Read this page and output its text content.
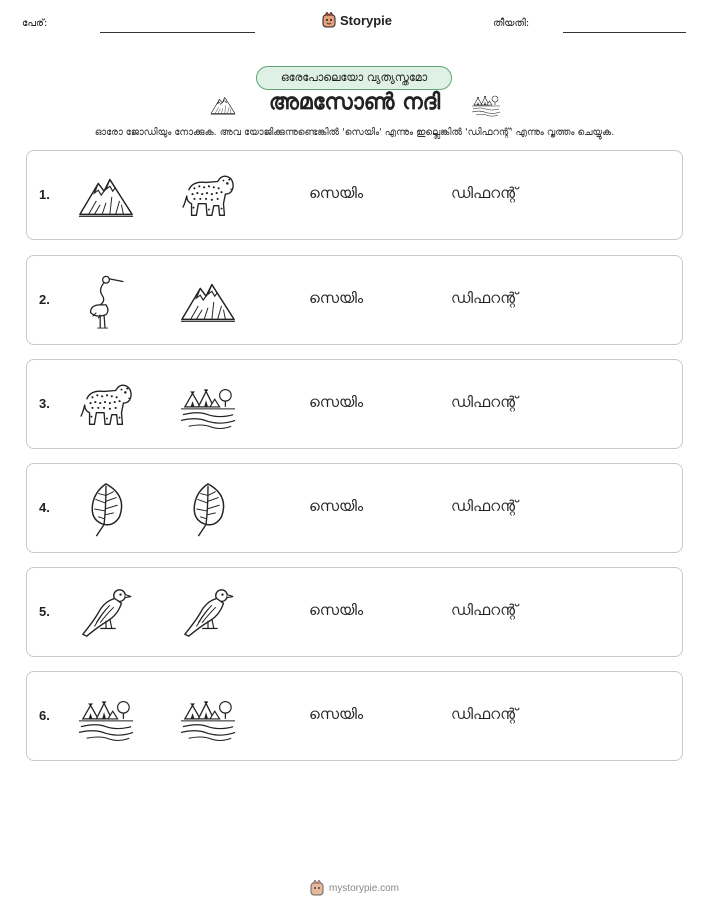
പേര്:	Storypie	തീയതി:
ഒരേപോലെയോ വ്യത്യസ്തമോ
അമസോൺ നദി
ഓരോ ജോഡിയും നോക്കുക. അവ യോജിക്കുന്നുണ്ടെങ്കിൽ 'സെയിം' എന്നും ഇല്ലെങ്കിൽ 'ഡിഫറന്റ്' എന്നും വൃത്തം ചെയ്യുക.
1.	സെയിം	ഡിഫറന്റ്
2.	സെയിം	ഡിഫറന്റ്
3.	സെയിം	ഡിഫറന്റ്
4.	സെയിം	ഡിഫറന്റ്
5.	സെയിം	ഡിഫറന്റ്
6.	സെയിം	ഡിഫറന്റ്
mystorypie.com
